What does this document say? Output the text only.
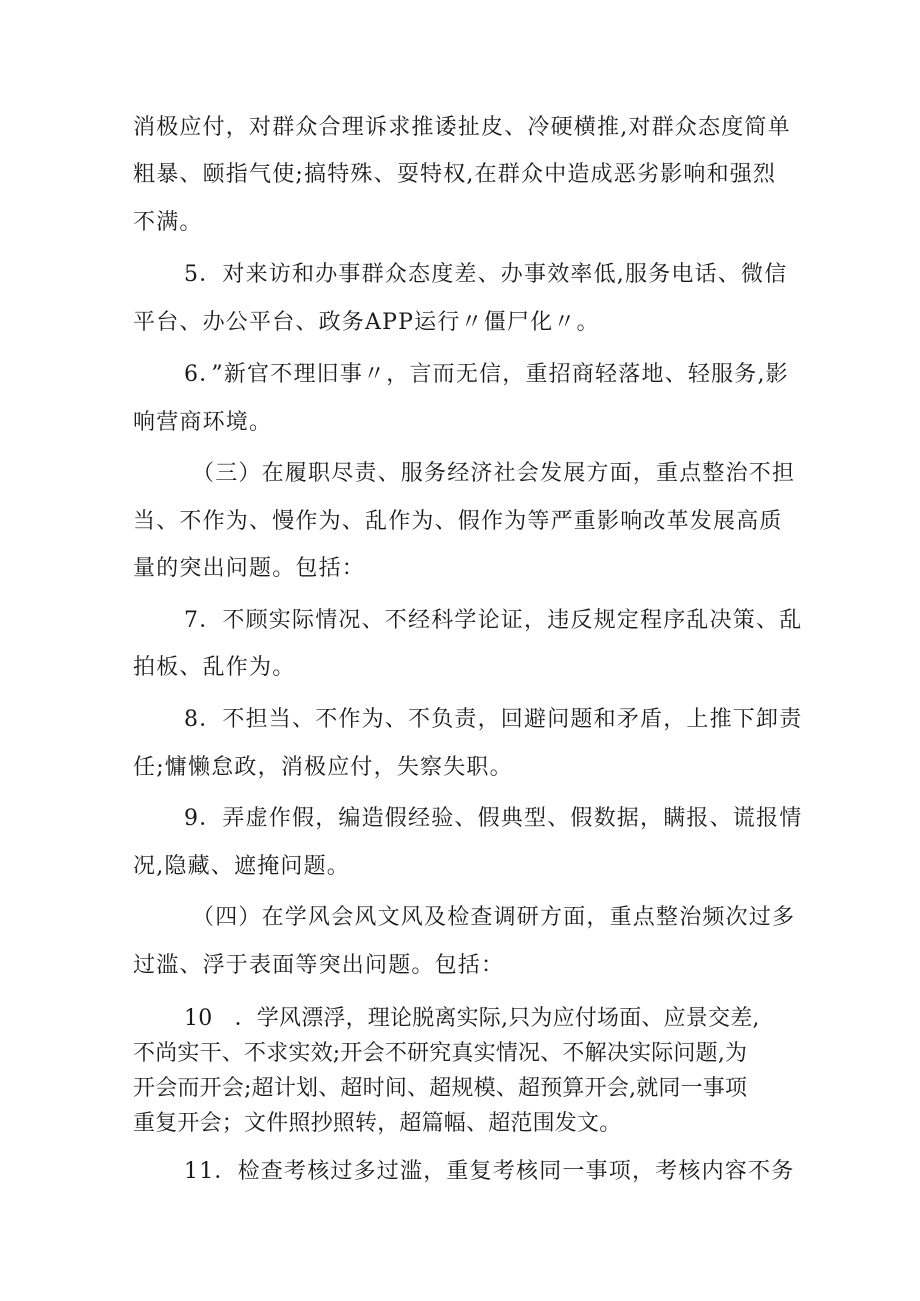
消极应付，对群众合理诉求推诿扯皮、冷硬横推,对群众态度简单
粗暴、颐指气使;搞特殊、耍特权,在群众中造成恶劣影响和强烈
不满。
5．对来访和办事群众态度差、办事效率低,服务电话、微信
平台、办公平台、政务APP运行〃僵尸化〃。
6．”新官不理旧事〃，言而无信，重招商轻落地、轻服务,影
响营商环境。
（三）在履职尽责、服务经济社会发展方面，重点整治不担
当、不作为、慢作为、乱作为、假作为等严重影响改革发展高质
量的突出问题。包括：
7．不顾实际情况、不经科学论证，违反规定程序乱决策、乱
拍板、乱作为。
8．不担当、不作为、不负责，回避问题和矛盾，上推下卸责
任;慵懒怠政，消极应付，失察失职。
9．弄虚作假，编造假经验、假典型、假数据，瞒报、谎报情
况,隐藏、遮掩问题。
（四）在学风会风文风及检查调研方面，重点整治频次过多
过滥、浮于表面等突出问题。包括：
10　．学风漂浮，理论脱离实际,只为应付场面、应景交差,
不尚实干、不求实效;开会不研究真实情况、不解决实际问题,为
开会而开会;超计划、超时间、超规模、超预算开会,就同一事项
重复开会；文件照抄照转，超篇幅、超范围发文。
11．检查考核过多过滥，重复考核同一事项，考核内容不务
